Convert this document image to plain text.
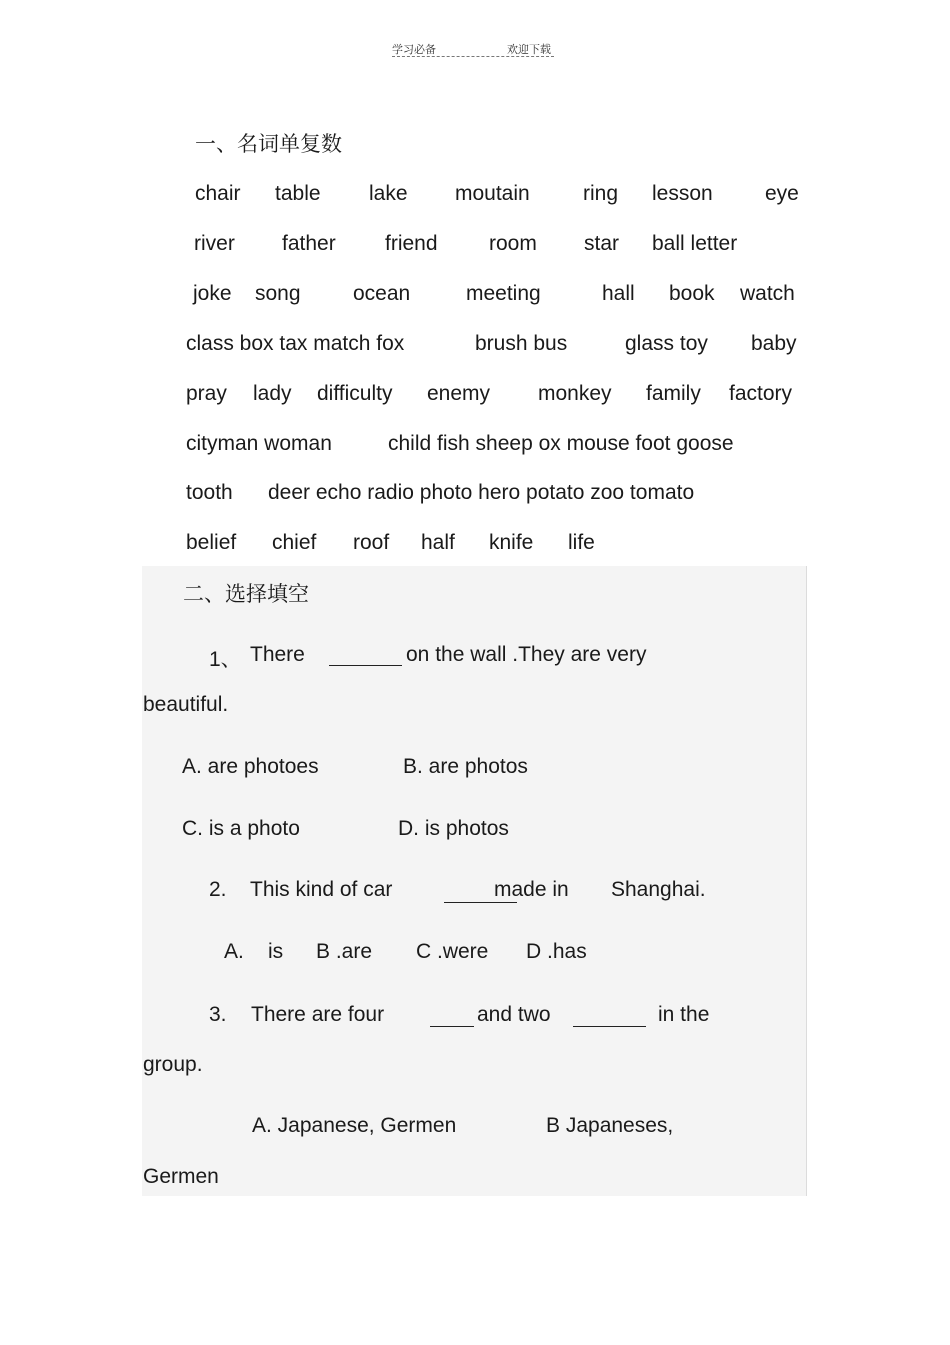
学习必备	欢迎下载
一、名词单复数
chair table lake moutain	ring lesson eye
river father friend room star ball letter
joke song ocean	meeting	hall book watch
class box tax match fox	brush bus	glass toy baby
pray lady difficulty enemy monkey family factory
cityman woman	child fish sheep ox mouse foot goose
tooth deer echo radio photo hero potato zoo tomato
belief chief roof half knife life
二、选择填空
1、 There	on the wall .They are very
beautiful.
A. are photoes	B. are photos
C. is a photo	D. is photos
2. This kind of car	made in Shanghai.
A. is B .are C .were D .has
3. There are four	and two	in the
group.
A. Japanese, Germen	B Japaneses,
Germen
